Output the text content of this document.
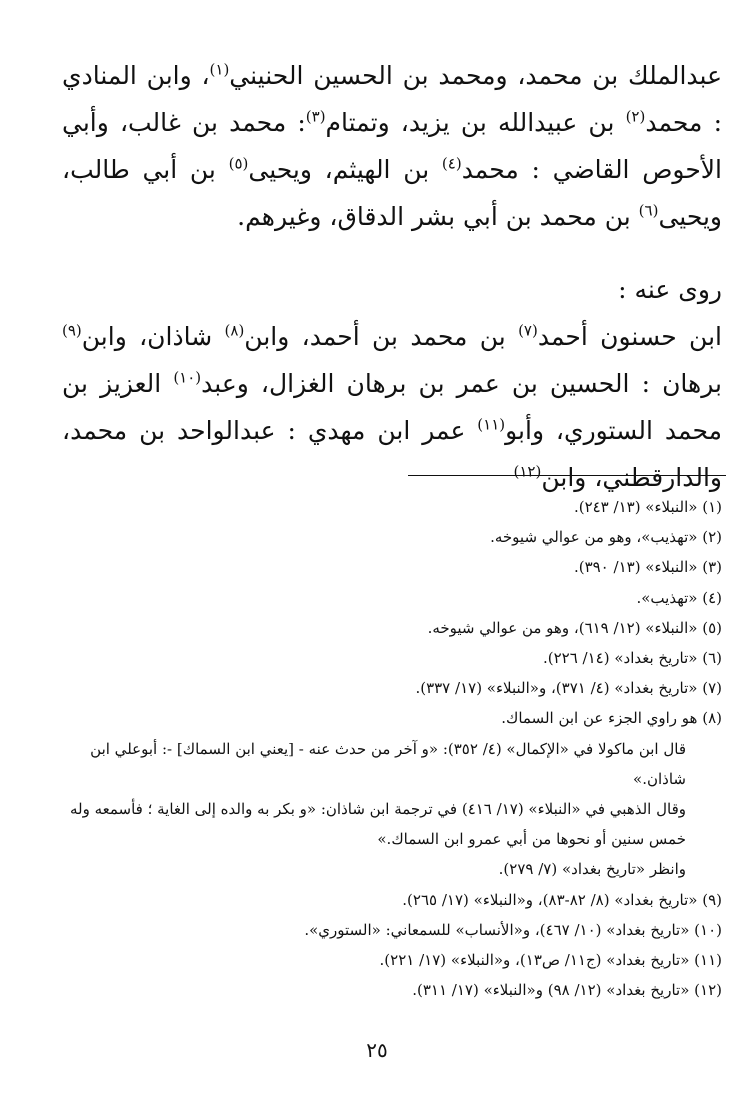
عبدالملك بن محمد، ومحمد بن الحسين الحنيني$^{(١)}$، وابن المنادي : محمد$^{(٢)}$ بن عبيدالله بن يزيد، وتمتام$^{(٣)}$: محمد بن غالب، وأبي الأحوص القاضي : محمد$^{(٤)}$ بن الهيثم، ويحيى$^{(٥)}$ بن أبي طالب، ويحيى$^{(٦)}$ بن محمد بن أبي بشر الدقاق، وغيرهم.

روى عنه :

ابن حسنون أحمد$^{(٧)}$ بن محمد بن أحمد، وابن$^{(٨)}$ شاذان، وابن$^{(٩)}$ برهان : الحسين بن عمر بن برهان الغزال، وعبد$^{(١٠)}$ العزيز بن محمد الستوري، وأبو$^{(١١)}$ عمر ابن مهدي : عبدالواحد بن محمد، والدارقطني، وابن$^{(١٢)}$

(١) «النبلاء» (١٣/ ٢٤٣).

(٢) «تهذيب»، وهو من عوالي شيوخه.

(٣) «النبلاء» (١٣/ ٣٩٠).

(٤) «تهذيب».

(٥) «النبلاء» (١٢/ ٦١٩)، وهو من عوالي شيوخه.

(٦) «تاريخ بغداد» (١٤/ ٢٢٦).

(٧) «تاريخ بغداد» (٤/ ٣٧١)، و«النبلاء» (١٧/ ٣٣٧).

(٨) هو راوي الجزء عن ابن السماك.

قال ابن ماكولا في «الإكمال» (٤/ ٣٥٢): «و آخر من حدث عنه - [يعني ابن السماك] -: أبوعلي ابن شاذان.»

وقال الذهبي في «النبلاء» (١٧/ ٤١٦) في ترجمة ابن شاذان: «و بكر به والده إلى الغاية ؛ فأسمعه وله خمس سنين أو نحوها من أبي عمرو ابن السماك.»

وانظر «تاريخ بغداد» (٧/ ٢٧٩).

(٩) «تاريخ بغداد» (٨/ ٨٢-٨٣)، و«النبلاء» (١٧/ ٢٦٥).

(١٠) «تاريخ بغداد» (١٠/ ٤٦٧)، و«الأنساب» للسمعاني: «الستوري».

(١١) «تاريخ بغداد» (ج١١/ ص١٣)، و«النبلاء» (١٧/ ٢٢١).

(١٢) «تاريخ بغداد» (١٢/ ٩٨) و«النبلاء» (١٧/ ٣١١).

٢٥
